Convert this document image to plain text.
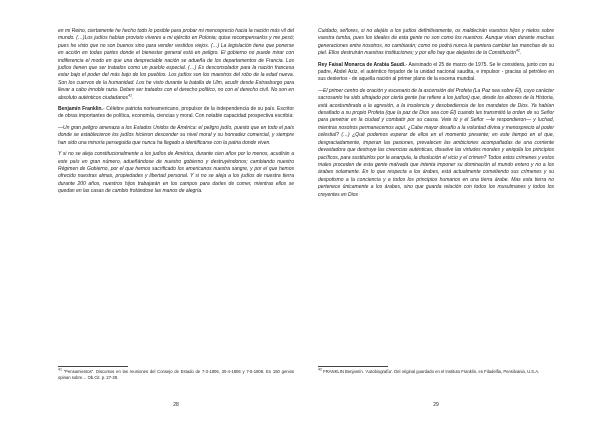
en mi Reino, ciertamente he hecho todo lo posible para probar mi menosprecio hacia la nación más vil del mundo. (…)Los judíos habían provisto víveres a mi ejército en Polonia; quise recompensarlos y me pesó; pues he visto que no son buenos sino para vender vestidos viejos. (…) La legislación tiene que ponerse en acción en todas partes donde el bienestar general está en peligro. El gobierno no puede mirar con indiferencia el modo en que una despreciable nación se adueña de los departamentos de Francia. Los judíos tienen que ser tratados como un pueblo especial. (…) Es desconsolador para la nación francesa estar bajo el poder del más bajo de los pueblos. Los judíos son los maestros del robo de la edad nueva. Son los cuervos de la humanidad. Los he visto durante la batalla de Ulm, acudir desde Estrasburgo para llevar a cabo innoble razia. Deben ser tratados con el derecho político, no con el derecho civil. No son en absoluto auténticos ciudadanos$^{41}$.

Benjamín Franklin.- Célebre patriota norteamericano, propulsor de la independencia de su país. Escritor de obras importantes de política, economía, ciencias y moral. Con notable capacidad prospectiva escribía:

—Un gran peligro amenaza a los Estados Unidos de América: el peligro judío, puesto que en todo el país donde se establecieron los judíos hicieron descender su nivel moral y su honradez comercial, y siempre han sido una minoría perseguida que nunca ha llegado a identificarse con la patria donde viven.

Y si no se aleja constitucionalmente a los judíos de América, durante cien años por lo menos, acudirán a este país en gran número, adueñándose de nuestro gobierno y destruyéndonos; cambiando nuestro Régimen de Gobierno, por el que hemos sacrificado los americanos nuestra sangre, y por el que hemos ofrecido nuestras almas, propiedades y libertad personal. Y si no se aleja a los judíos de nuestra tierra durante 200 años, nuestros hijos trabajarán en los campos para darles de comer, mientras ellos se quedan en las casas de cambio frotándose las manos de alegría.

$^{41}$ “Pensamientos”. Discursos en las reuniones del Consejo de Estado de 7-3-1806, 30-4-1806 y 7-5-1806. En 150 genios opinan sobre… Ob.Cit. p. 27-28.

28

Cuidado, señores, si no alejáis a los judíos definitivamente, os maldecirán vuestros hijos y nietos sobre vuestra tumba, pues los ideales de esta gente no son como los nuestros. Aunque vivan durante muchas generaciones entre nosotros, no cambiarán; como no podrá nunca la pantera cambiar las manchas de su piel. Ellos destruirán nuestras instituciones; y por ello hay que alejarles de la Constitución$^{42}$.

Rey Faisal Monarca de Arabia Saudí.- Asesinado el 25 de marzo de 1975. Se le considera, junto con su padre, Abdel Aziz, el auténtico forjador de la unidad nacional saudita, e impulsor - gracias al petróleo en sus desiertos - de aquella nación al primer plano de la escena mundial.

—El primer centro de oración y escenario de la ascensión del Profeta (La Paz sea sobre Él), cuyo carácter sacrosanto ha sido ultrajado por cierta gente (se refiere a los judíos) que, desde los albores de la Historia, está acostumbrada a la agresión, a la insolencia y desobediencia de los mandatos de Dios. Ya habían desafiado a su propio Profeta (que la paz de Dios sea con Él) cuando les transmitió la orden de su Señor para penetrar en la ciudad y combatir por su causa. Vete tú y el Señor —le respondieron— y luchad, mientras nosotros permanecemos aquí. ¿Cabe mayor desafío a la voluntad divina y menosprecio al poder celestial? (…) ¿Qué podemos esperar de ellos en el momento presente; en este tiempo en el que, desgraciadamente, imperan las pasiones, prevalecen las ambiciones acompañadas de una corriente devastadora que destruye las creencias auténticas, disuelve las virtudes morales y aniquila los principios pacíficos, para sustituirlos por la anarquía, la disolución el vicio y el crimen? Todos estos crímenes y estos males proceden de esta gente malvada que intenta imponer su dominación al mundo entero y no a los árabes solamente. En lo que respecta a los árabes, está actualmente cometiendo sus crímenes y su despotismo a la conciencia y a todos los principios humanos en una tierra árabe. Mas esta tierra no pertenece únicamente a los árabes, sino que guarda relación con todos los musulmanes y todos los creyentes en Dios

$^{42}$ FRANKLIN Benjamín. ‘Autobiografía’. Del original guardado en el Instituto Franklin, en Filadelfia, Pensilvania, U.S.A.

29
